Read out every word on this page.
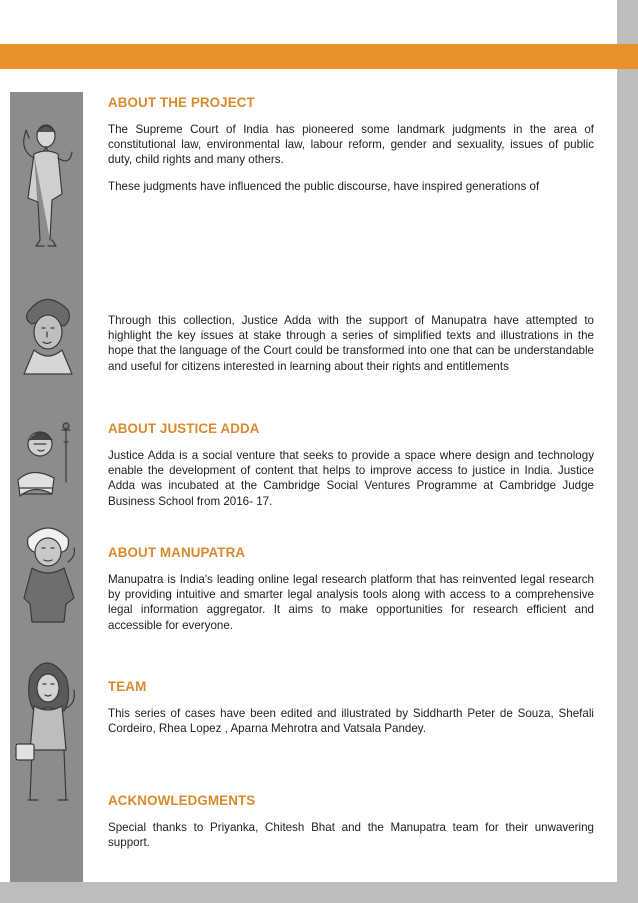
ABOUT THE PROJECT

The Supreme Court of India has pioneered some landmark judgments in the area of constitutional law, environmental law, labour reform, gender and sexuality, issues of public duty, child rights and many others.

These judgments have influenced the public discourse, have inspired generations of

Through this collection, Justice Adda with the support of Manupatra have attempted to highlight the key issues at stake through a series of simplified texts and illustrations in the hope that the language of the Court could be transformed into one that can be understandable and useful for citizens interested in learning about their rights and entitlements

ABOUT JUSTICE ADDA

Justice Adda is a social venture that seeks to provide a space where design and technology enable the development of content that helps to improve access to justice in India. Justice Adda was incubated at the Cambridge Social Ventures Programme at Cambridge Judge Business School from 2016- 17.

ABOUT MANUPATRA

Manupatra is India's leading online legal research platform that has reinvented legal research by providing intuitive and smarter legal analysis tools along with access to a comprehensive legal information aggregator. It aims to make opportunities for research efficient and accessible for everyone.

TEAM

This series of cases have been edited and illustrated by Siddharth Peter de Souza, Shefali Cordeiro, Rhea Lopez , Aparna Mehrotra and Vatsala Pandey.

ACKNOWLEDGMENTS

Special thanks to Priyanka, Chitesh Bhat and the Manupatra team for their unwavering support.
